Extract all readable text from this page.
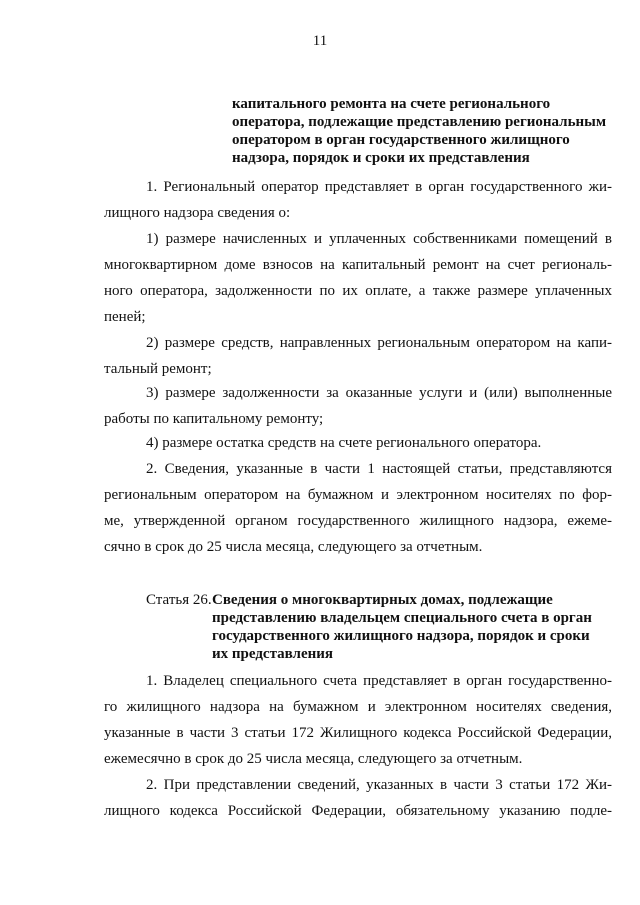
11
капитального ремонта на счете регионального
оператора, подлежащие представлению региональным
оператором в орган государственного жилищного
надзора, порядок и сроки их представления
1. Региональный оператор представляет в орган государственного жи-
лищного надзора сведения о:
1) размере начисленных и уплаченных собственниками помещений в
многоквартирном доме взносов на капитальный ремонт на счет региональ-
ного оператора, задолженности по их оплате, а также размере уплаченных
пеней;
2) размере средств, направленных региональным оператором на капи-
тальный ремонт;
3) размере задолженности за оказанные услуги и (или) выполненные
работы по капитальному ремонту;
4) размере остатка средств на счете регионального оператора.
2. Сведения, указанные в части 1 настоящей статьи, представляются
региональным оператором на бумажном и электронном носителях по фор-
ме, утвержденной органом государственного жилищного надзора, ежеме-
сячно в срок до 25 числа месяца, следующего за отчетным.
Статья 26. Сведения о многоквартирных домах, подлежащие
представлению владельцем специального счета в орган
государственного жилищного надзора, порядок и сроки
их представления
1. Владелец специального счета представляет в орган государственно-
го жилищного надзора на бумажном и электронном носителях сведения,
указанные в части 3 статьи 172 Жилищного кодекса Российской Федерации,
ежемесячно в срок до 25 числа месяца, следующего за отчетным.
2. При представлении сведений, указанных в части 3 статьи 172 Жи-
лищного кодекса Российской Федерации, обязательному указанию подле-
